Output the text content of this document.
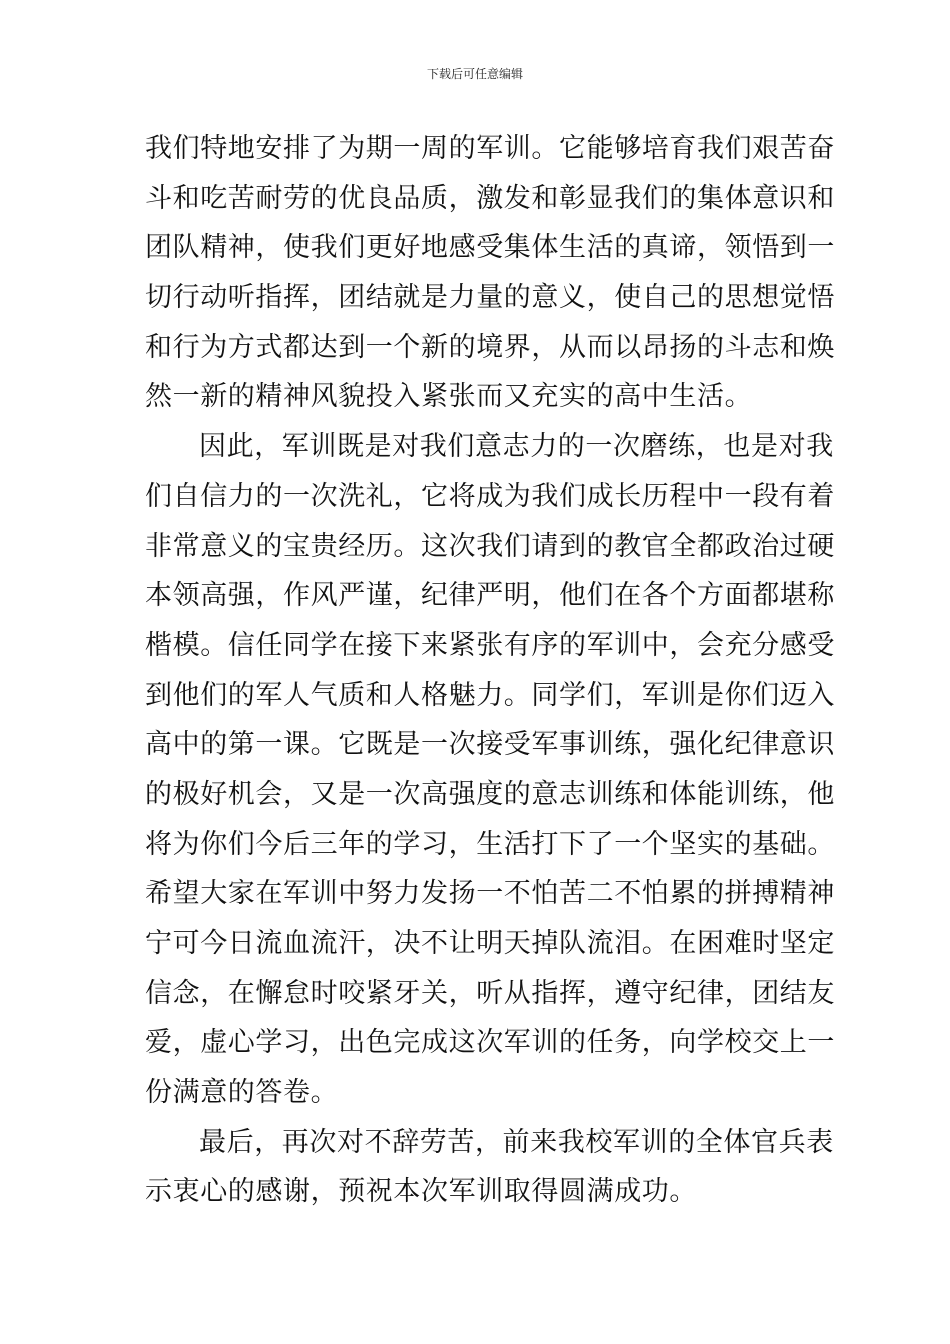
下载后可任意编辑
我们特地安排了为期一周的军训。它能够培育我们艰苦奋
斗和吃苦耐劳的优良品质，激发和彰显我们的集体意识和
团队精神，使我们更好地感受集体生活的真谛，领悟到一
切行动听指挥，团结就是力量的意义，使自己的思想觉悟
和行为方式都达到一个新的境界，从而以昂扬的斗志和焕
然一新的精神风貌投入紧张而又充实的高中生活。
因此，军训既是对我们意志力的一次磨练，也是对我
们自信力的一次洗礼，它将成为我们成长历程中一段有着
非常意义的宝贵经历。这次我们请到的教官全都政治过硬
本领高强，作风严谨，纪律严明，他们在各个方面都堪称
楷模。信任同学在接下来紧张有序的军训中，会充分感受
到他们的军人气质和人格魅力。同学们，军训是你们迈入
高中的第一课。它既是一次接受军事训练，强化纪律意识
的极好机会，又是一次高强度的意志训练和体能训练，他
将为你们今后三年的学习，生活打下了一个坚实的基础。
希望大家在军训中努力发扬一不怕苦二不怕累的拼搏精神
宁可今日流血流汗，决不让明天掉队流泪。在困难时坚定
信念，在懈怠时咬紧牙关，听从指挥，遵守纪律，团结友
爱，虚心学习，出色完成这次军训的任务，向学校交上一
份满意的答卷。
最后，再次对不辞劳苦，前来我校军训的全体官兵表
示衷心的感谢，预祝本次军训取得圆满成功。
